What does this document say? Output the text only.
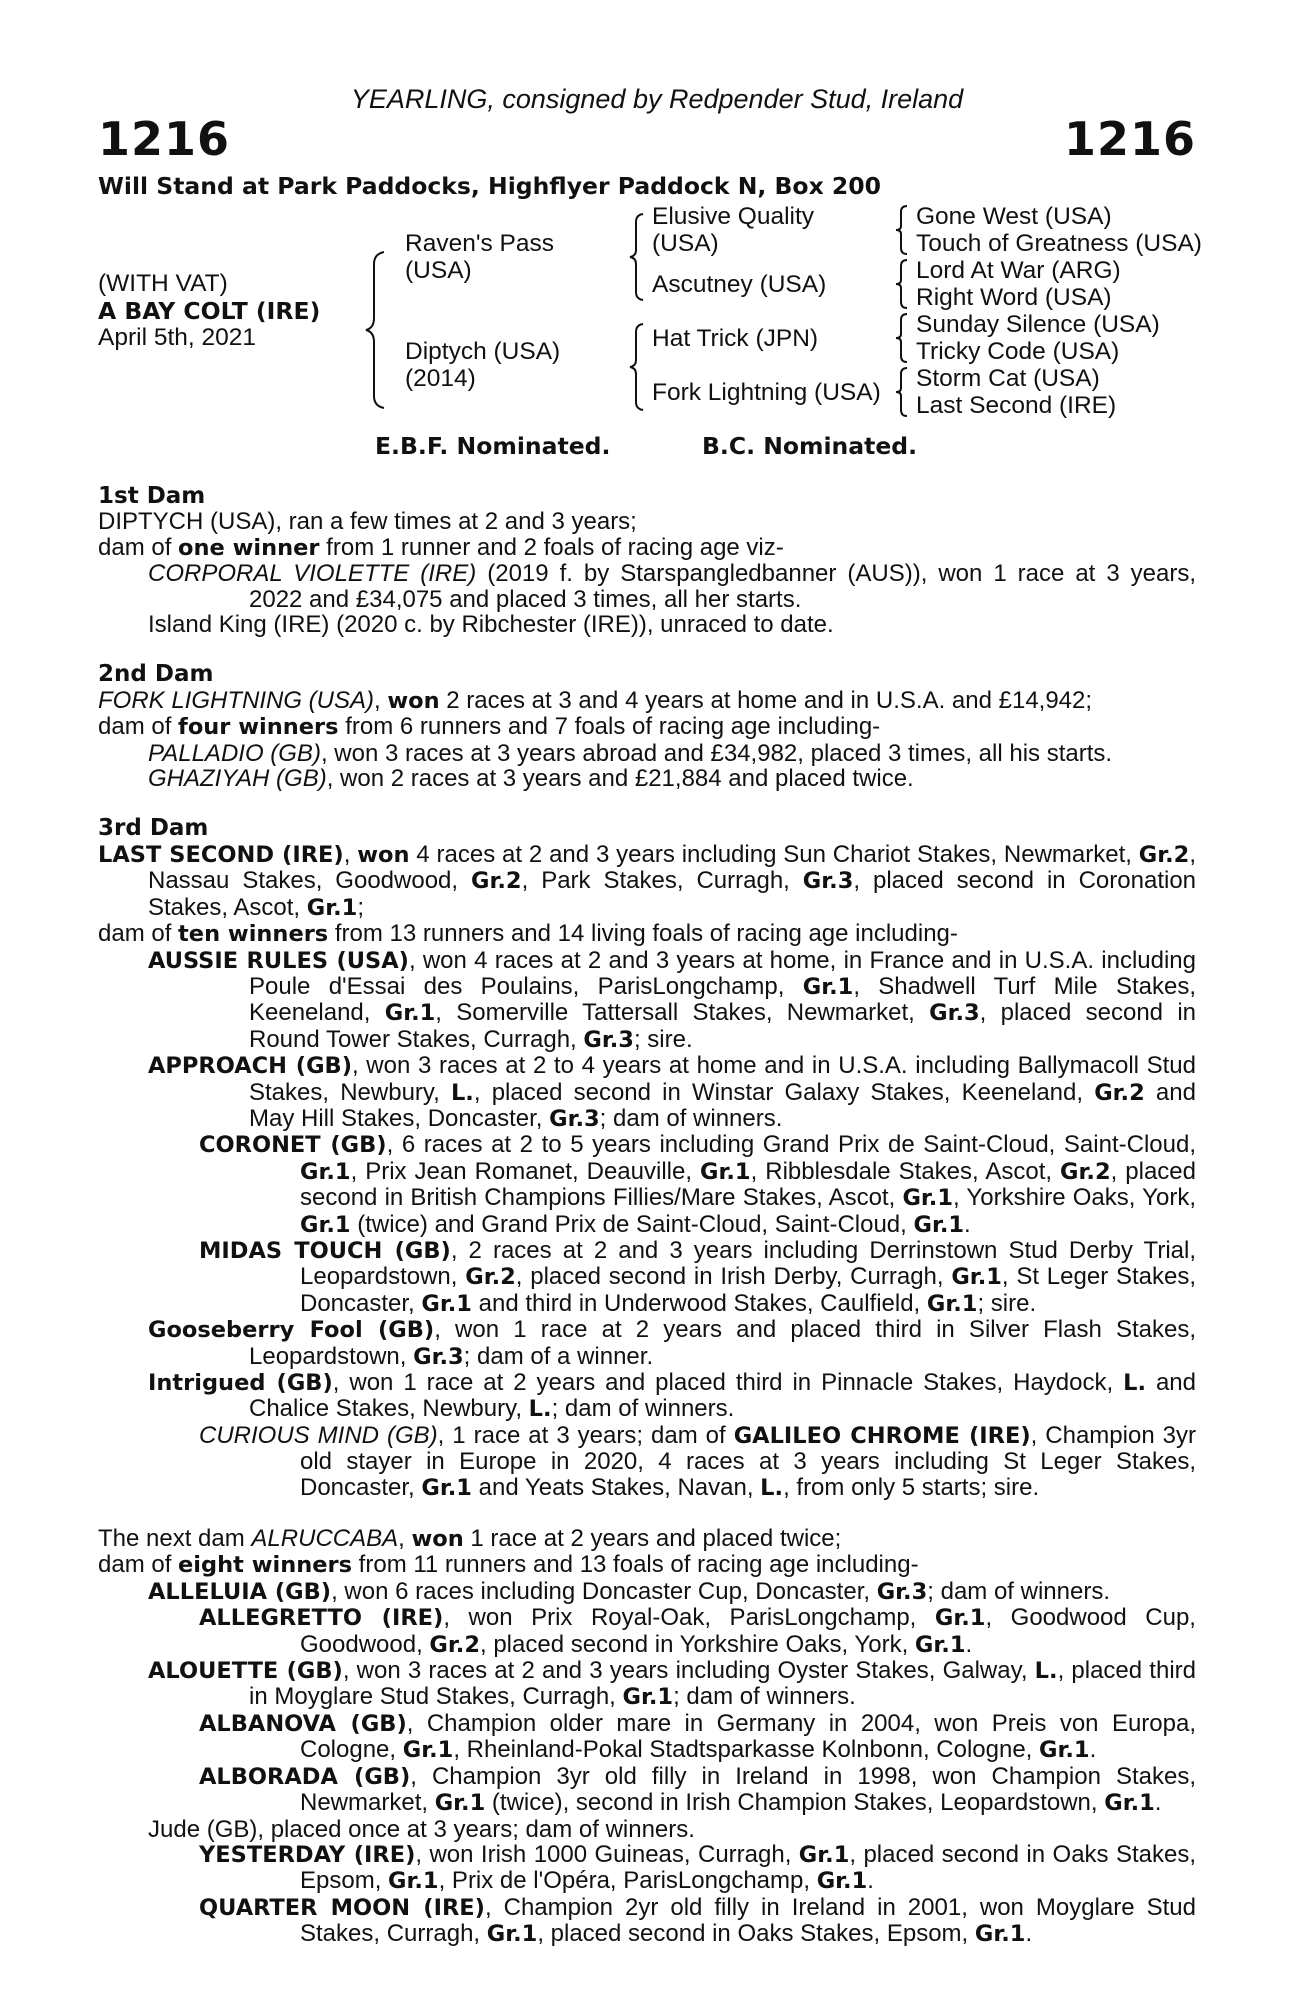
YEARLING, consigned by Redpender Stud, Ireland
1216	1216
Will Stand at Park Paddocks, Highflyer Paddock N, Box 200
(WITH VAT)
A BAY COLT (IRE)
April 5th, 2021
Raven's Pass
(USA)
Diptych (USA)
(2014)
Elusive Quality
(USA)
Ascutney (USA)
Hat Trick (JPN)
Fork Lightning (USA)
Gone West (USA)
Touch of Greatness (USA)
Lord At War (ARG)
Right Word (USA)
Sunday Silence (USA)
Tricky Code (USA)
Storm Cat (USA)
Last Second (IRE)
E.B.F. Nominated.	B.C. Nominated.

1st Dam

DIPTYCH (USA), ran a few times at 2 and 3 years;

dam of one winner from 1 runner and 2 foals of racing age viz-

CORPORAL VIOLETTE (IRE) (2019 f. by Starspangledbanner (AUS)), won 1 race at 3 years, 2022 and £34,075 and placed 3 times, all her starts.

Island King (IRE) (2020 c. by Ribchester (IRE)), unraced to date.

2nd Dam

FORK LIGHTNING (USA), won 2 races at 3 and 4 years at home and in U.S.A. and £14,942;

dam of four winners from 6 runners and 7 foals of racing age including-

PALLADIO (GB), won 3 races at 3 years abroad and £34,982, placed 3 times, all his starts.

GHAZIYAH (GB), won 2 races at 3 years and £21,884 and placed twice.

3rd Dam

LAST SECOND (IRE), won 4 races at 2 and 3 years including Sun Chariot Stakes, Newmarket, Gr.2, Nassau Stakes, Goodwood, Gr.2, Park Stakes, Curragh, Gr.3, placed second in Coronation Stakes, Ascot, Gr.1;

dam of ten winners from 13 runners and 14 living foals of racing age including-

AUSSIE RULES (USA), won 4 races at 2 and 3 years at home, in France and in U.S.A. including Poule d'Essai des Poulains, ParisLongchamp, Gr.1, Shadwell Turf Mile Stakes, Keeneland, Gr.1, Somerville Tattersall Stakes, Newmarket, Gr.3, placed second in Round Tower Stakes, Curragh, Gr.3; sire.

APPROACH (GB), won 3 races at 2 to 4 years at home and in U.S.A. including Ballymacoll Stud Stakes, Newbury, L., placed second in Winstar Galaxy Stakes, Keeneland, Gr.2 and May Hill Stakes, Doncaster, Gr.3; dam of winners.

CORONET (GB), 6 races at 2 to 5 years including Grand Prix de Saint-Cloud, Saint-Cloud, Gr.1, Prix Jean Romanet, Deauville, Gr.1, Ribblesdale Stakes, Ascot, Gr.2, placed second in British Champions Fillies/Mare Stakes, Ascot, Gr.1, Yorkshire Oaks, York, Gr.1 (twice) and Grand Prix de Saint-Cloud, Saint-Cloud, Gr.1.

MIDAS TOUCH (GB), 2 races at 2 and 3 years including Derrinstown Stud Derby Trial, Leopardstown, Gr.2, placed second in Irish Derby, Curragh, Gr.1, St Leger Stakes, Doncaster, Gr.1 and third in Underwood Stakes, Caulfield, Gr.1; sire.

Gooseberry Fool (GB), won 1 race at 2 years and placed third in Silver Flash Stakes, Leopardstown, Gr.3; dam of a winner.

Intrigued (GB), won 1 race at 2 years and placed third in Pinnacle Stakes, Haydock, L. and Chalice Stakes, Newbury, L.; dam of winners.

CURIOUS MIND (GB), 1 race at 3 years; dam of GALILEO CHROME (IRE), Champion 3yr old stayer in Europe in 2020, 4 races at 3 years including St Leger Stakes, Doncaster, Gr.1 and Yeats Stakes, Navan, L., from only 5 starts; sire.

The next dam ALRUCCABA, won 1 race at 2 years and placed twice;

dam of eight winners from 11 runners and 13 foals of racing age including-

ALLELUIA (GB), won 6 races including Doncaster Cup, Doncaster, Gr.3; dam of winners.

ALLEGRETTO (IRE), won Prix Royal-Oak, ParisLongchamp, Gr.1, Goodwood Cup, Goodwood, Gr.2, placed second in Yorkshire Oaks, York, Gr.1.

ALOUETTE (GB), won 3 races at 2 and 3 years including Oyster Stakes, Galway, L., placed third in Moyglare Stud Stakes, Curragh, Gr.1; dam of winners.

ALBANOVA (GB), Champion older mare in Germany in 2004, won Preis von Europa, Cologne, Gr.1, Rheinland-Pokal Stadtsparkasse Kolnbonn, Cologne, Gr.1.

ALBORADA (GB), Champion 3yr old filly in Ireland in 1998, won Champion Stakes, Newmarket, Gr.1 (twice), second in Irish Champion Stakes, Leopardstown, Gr.1.

Jude (GB), placed once at 3 years; dam of winners.

YESTERDAY (IRE), won Irish 1000 Guineas, Curragh, Gr.1, placed second in Oaks Stakes, Epsom, Gr.1, Prix de l'Opéra, ParisLongchamp, Gr.1.

QUARTER MOON (IRE), Champion 2yr old filly in Ireland in 2001, won Moyglare Stud Stakes, Curragh, Gr.1, placed second in Oaks Stakes, Epsom, Gr.1.
